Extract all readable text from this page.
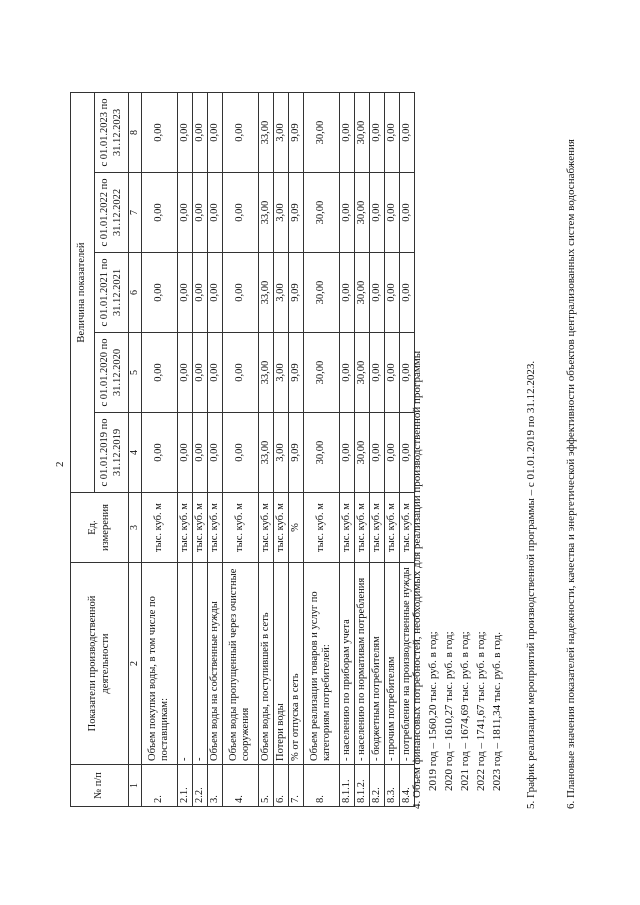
2
№ п/п	Показатели производственной деятельности	Ед. измерения	Величина показателей				
			с 01.01.2019 по 31.12.2019	с 01.01.2020 по 31.12.2020	с 01.01.2021 по 31.12.2021	с 01.01.2022 по 31.12.2022	с 01.01.2023 по 31.12.2023
1	2	3	4	5	6	7	8
2.	Объем покупки воды, в том числе по поставщикам:	тыс. куб. м	0,00	0,00	0,00	0,00	0,00
2.1.	-	тыс. куб. м	0,00	0,00	0,00	0,00	0,00
2.2.	-	тыс. куб. м	0,00	0,00	0,00	0,00	0,00
3.	Объем воды на собственные нужды	тыс. куб. м	0,00	0,00	0,00	0,00	0,00
4.	Объем воды пропущенный через очистные сооружения	тыс. куб. м	0,00	0,00	0,00	0,00	0,00
5.	Объем воды, поступившей в сеть	тыс. куб. м	33,00	33,00	33,00	33,00	33,00
6.	Потери воды	тыс. куб. м	3,00	3,00	3,00	3,00	3,00
7.	% от отпуска в сеть	%	9,09	9,09	9,09	9,09	9,09
8.	Объем реализации товаров и услуг по категориям потребителей:	тыс. куб. м	30,00	30,00	30,00	30,00	30,00
8.1.1.	- населению по приборам учета	тыс. куб. м	0,00	0,00	0,00	0,00	0,00
8.1.2.	- населению по нормативам потребления	тыс. куб. м	30,00	30,00	30,00	30,00	30,00
8.2.	- бюджетным потребителям	тыс. куб. м	0,00	0,00	0,00	0,00	0,00
8.3.	- прочим потребителям	тыс. куб. м	0,00	0,00	0,00	0,00	0,00
8.4.	- потребление на производственные нужды	тыс. куб. м	0,00	0,00	0,00	0,00	0,00

4. Объем финансовых потребностей, необходимых для реализации производственной программы 2019 год – 1560,20 тыс. руб. в год; 2020 год – 1610,27 тыс. руб. в год; 2021 год – 1674,69 тыс. руб. в год; 2022 год – 1741,67 тыс. руб. в год; 2023 год – 1811,34 тыс. руб. в год. 5. График реализации мероприятий производственной программы – с 01.01.2019 по 31.12.2023.	6. Плановые значения показателей надежности, качества и энергетической эффективности объектов централизованных систем водоснабжения
